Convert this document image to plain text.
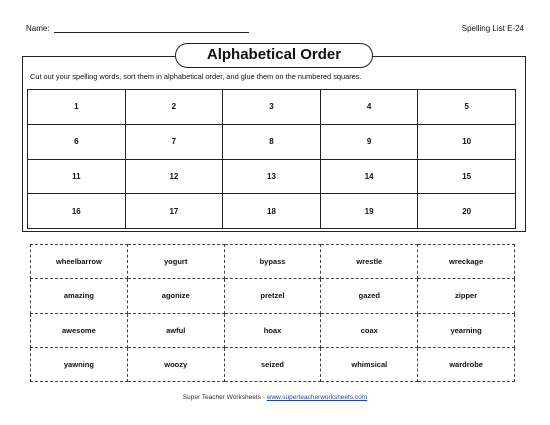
Name:	Spelling List E-24
Alphabetical Order
Cut out your spelling words, sort them in alphabetical order, and glue them on the numbered squares.
1	2	3	4	5
6	7	8	9	10
11	12	13	14	15
16	17	18	19	20
wheelbarrow	yogurt	bypass	wrestle	wreckage
amazing	agonize	pretzel	gazed	zipper
awesome	awful	hoax	coax	yearning
yawning	woozy	seized	whimsical	wardrobe
Super Teacher Worksheets - www.superteacherworksheets.com
